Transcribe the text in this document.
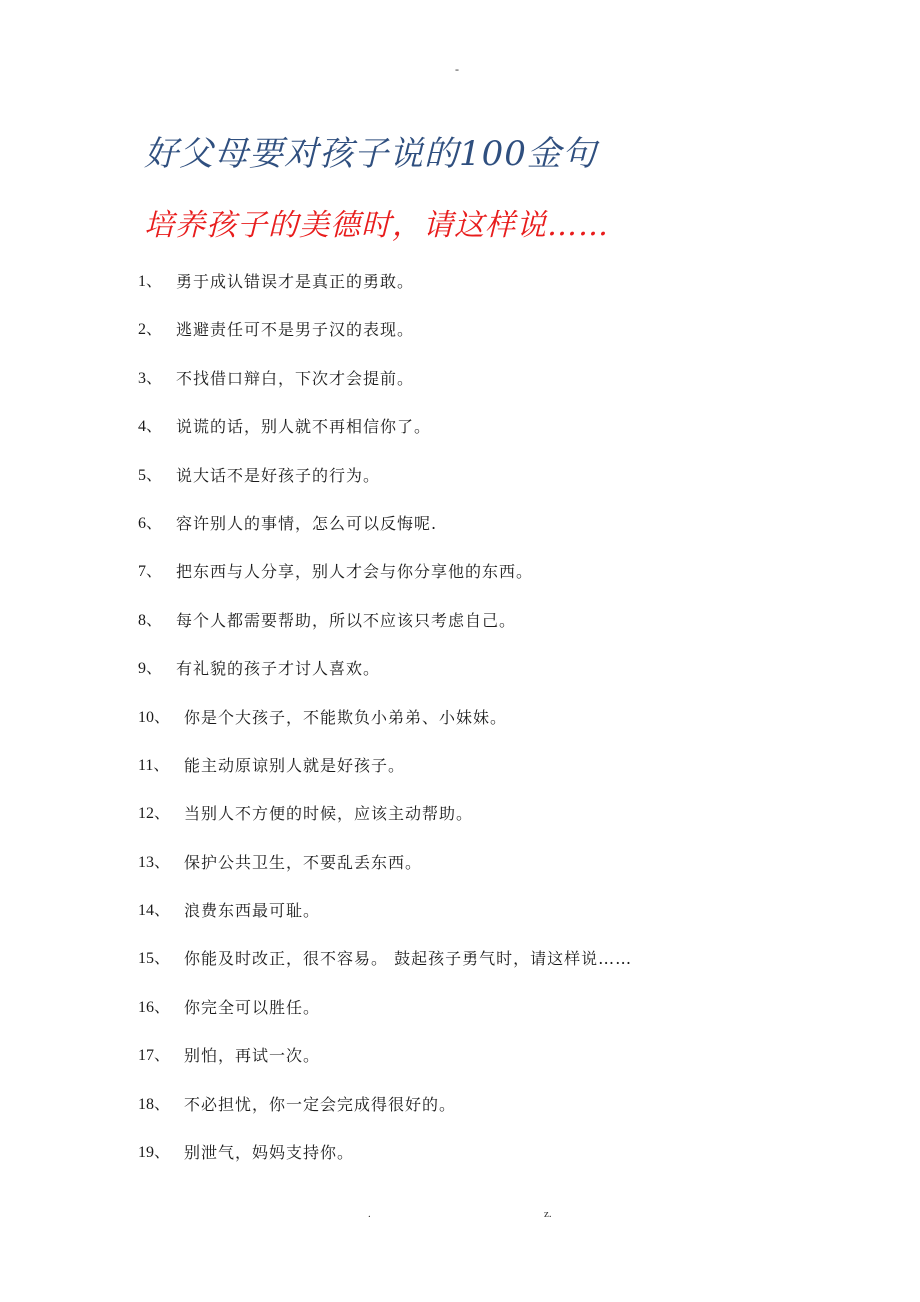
-
好父母要对孩子说的100金句
培养孩子的美德时，请这样说……
1、 勇于成认错误才是真正的勇敢。
2、 逃避责任可不是男子汉的表现。
3、 不找借口辩白，下次才会提前。
4、 说谎的话，别人就不再相信你了。
5、 说大话不是好孩子的行为。
6、 容许别人的事情，怎么可以反悔呢.
7、 把东西与人分享，别人才会与你分享他的东西。
8、 每个人都需要帮助，所以不应该只考虑自己。
9、 有礼貌的孩子才讨人喜欢。
10、 你是个大孩子，不能欺负小弟弟、小妹妹。
11、 能主动原谅别人就是好孩子。
12、 当别人不方便的时候，应该主动帮助。
13、 保护公共卫生，不要乱丢东西。
14、 浪费东西最可耻。
15、 你能及时改正，很不容易。 鼓起孩子勇气时，请这样说……
16、 你完全可以胜任。
17、 别怕，再试一次。
18、 不必担忧，你一定会完成得很好的。
19、 别泄气，妈妈支持你。
.	z.
